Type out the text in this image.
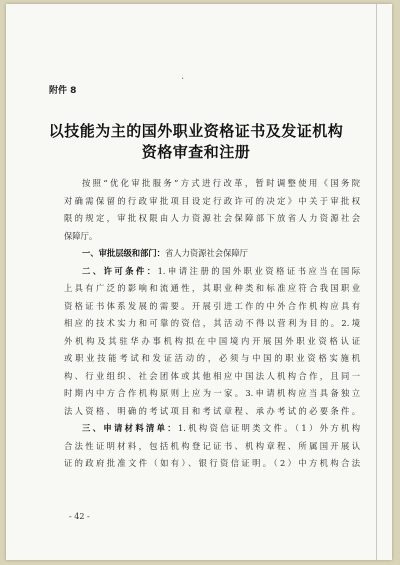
·
附件 8
以技能为主的国外职业资格证书及发证机构
资格审查和注册
按照“优化审批服务”方式进行改革，暂时调整使用《国务院
对确需保留的行政审批项目设定行政许可的决定》中关于审批权
限的规定，审批权限由人力资源社会保障部下放省人力资源社会
保障厅。
一、审批层级和部门：省人力资源社会保障厅
二、许可条件：1.申请注册的国外职业资格证书应当在国际
上具有广泛的影响和流通性，其职业种类和标准应符合我国职业
资格证书体系发展的需要。开展引进工作的中外合作机构应具有
相应的技术实力和可靠的资信，其活动不得以营利为目的。2.境
外机构及其驻华办事机构拟在中国境内开展国外职业资格认证
或职业技能考试和发证活动的，必须与中国的职业资格实施机
构、行业组织、社会团体或其他相应中国法人机构合作，且同一
时期内中方合作机构原则上应为一家。3.申请机构应当具备独立
法人资格、明确的考试项目和考试章程、承办考试的必要条件。
三、申请材料清单：1.机构资信证明类文件。（1）外方机构
合法性证明材料，包括机构登记证书、机构章程、所属国开展认
证的政府批准文件（如有）、银行资信证明。（2）中方机构合法
- 42 -
